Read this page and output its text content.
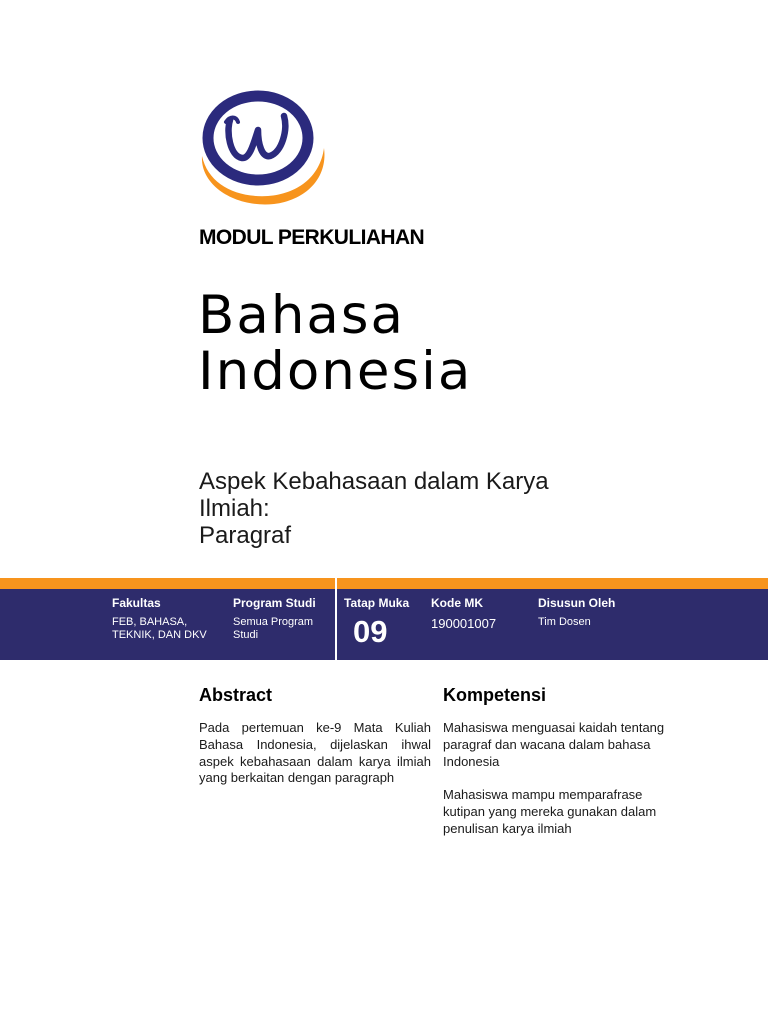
MODUL PERKULIAHAN
Bahasa
Indonesia
Aspek Kebahasaan dalam Karya
Ilmiah:
Paragraf
Fakultas
FEB, BAHASA,
TEKNIK, DAN DKV
Program Studi
Semua Program
Studi
Tatap Muka
09
Kode MK
190001007
Disusun Oleh
Tim Dosen
Abstract
Pada pertemuan ke-9 Mata Kuliah Bahasa Indonesia, dijelaskan ihwal aspek kebahasaan dalam karya ilmiah yang berkaitan dengan paragraph
Kompetensi

Mahasiswa menguasai kaidah tentang paragraf dan wacana dalam bahasa Indonesia

Mahasiswa mampu memparafrase kutipan yang mereka gunakan dalam penulisan karya ilmiah
